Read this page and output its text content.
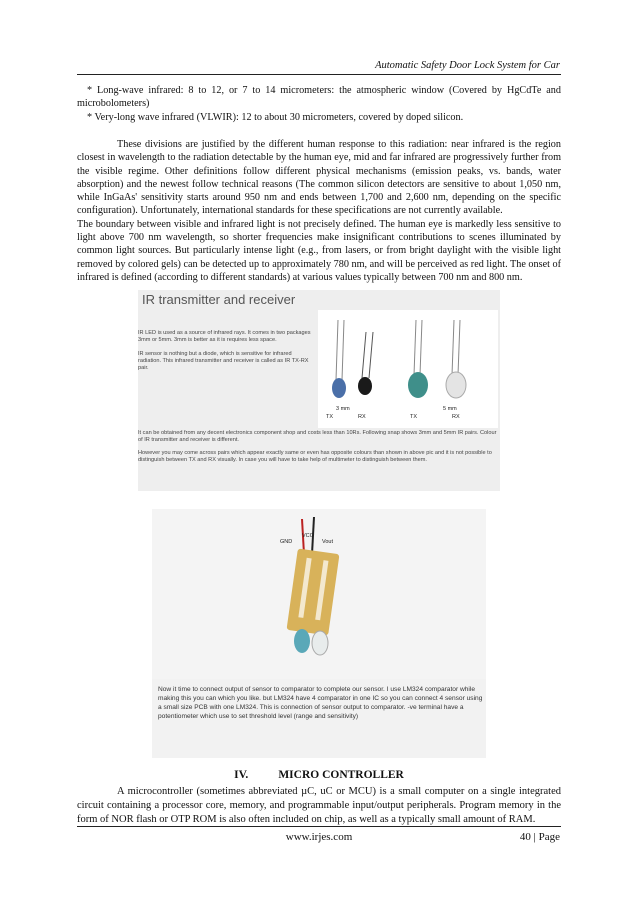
Automatic Safety Door Lock System for Car

* Long-wave infrared: 8 to 12, or 7 to 14 micrometers: the atmospheric window (Covered by HgCdTe and microbolometers)

* Very-long wave infrared (VLWIR): 12 to about 30 micrometers, covered by doped silicon.

These divisions are justified by the different human response to this radiation: near infrared is the region closest in wavelength to the radiation detectable by the human eye, mid and far infrared are progressively further from the visible regime. Other definitions follow different physical mechanisms (emission peaks, vs. bands, water absorption) and the newest follow technical reasons (The common silicon detectors are sensitive to about 1,050 nm, while InGaAs' sensitivity starts around 950 nm and ends between 1,700 and 2,600 nm, depending on the specific configuration). Unfortunately, international standards for these specifications are not currently available.

The boundary between visible and infrared light is not precisely defined. The human eye is markedly less sensitive to light above 700 nm wavelength, so shorter frequencies make insignificant contributions to scenes illuminated by common light sources. But particularly intense light (e.g., from lasers, or from bright daylight with the visible light removed by colored gels) can be detected up to approximately 780 nm, and will be perceived as red light. The onset of infrared is defined (according to different standards) at various values typically between 700 nm and 800 nm.

IR transmitter and receiver

IR LED is used as a source of infrared rays. It comes in two packages 3mm or 5mm. 3mm is better as it is requires less space.

IR sensor is nothing but a diode, which is sensitive for infrared radiation. This infrared transmitter and receiver is called as IR TX-RX pair.

3 mm
TX	RX
5 mm
TX	RX

It can be obtained from any decent electronics component shop and costs less than 10Rs. Following snap shows 3mm and 5mm IR pairs. Colour of IR transmitter and receiver is different.

However you may come across pairs which appear exactly same or even has opposite colours than shown in above pic and it is not possible to distinguish between TX and RX visually. In case you will have to take help of multimeter to distinguish between them.

GND
VCC
Vout
Now it time to connect output of sensor to comparator to complete our sensor. I use LM324 comparator while making this you can which you like. but LM324 have 4 comparator in one IC so you can connect 4 sensor using a small size PCB with one LM324. This is connection of sensor output to comparator. -ve terminal have a potentiometer which use to set threshold level (range and sensitivity)
IV.	MICRO CONTROLLER

A microcontroller (sometimes abbreviated µC, uC or MCU) is a small computer on a single integrated circuit containing a processor core, memory, and programmable input/output peripherals. Program memory in the form of NOR flash or OTP ROM is also often included on chip, as well as a typically small amount of RAM.

www.irjes.com	40 | Page
